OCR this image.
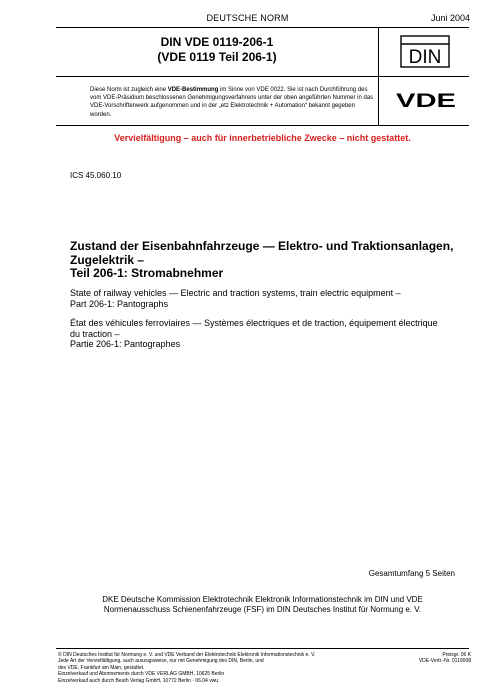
DEUTSCHE NORM	Juni 2004
DIN VDE 0119-206-1
(VDE 0119 Teil 206-1)	DIN
Diese Norm ist zugleich eine VDE-Bestimmung im Sinne von VDE 0022. Sie ist nach Durchführung des vom VDE-Präsidium beschlossenen Genehmigungsverfahrens unter der oben angeführten Nummer in das VDE-Vorschriftenwerk aufgenommen und in der „etz Elektrotechnik + Automation“ bekannt gegeben worden.
VDE
Vervielfältigung – auch für innerbetriebliche Zwecke – nicht gestattet.
ICS 45.060.10
Zustand der Eisenbahnfahrzeuge — Elektro- und Traktionsanlagen,
Zugelektrik –
Teil 206-1: Stromabnehmer
State of railway vehicles — Electric and traction systems, train electric equipment –
Part 206-1: Pantographs
État des véhicules ferroviaires — Systèmes électriques et de traction, équipement électrique
du traction –
Partie 206-1: Pantographes
Gesamtumfang 5 Seiten
DKE Deutsche Kommission Elektrotechnik Elektronik Informationstechnik im DIN und VDE
Normenausschuss Schienenfahrzeuge (FSF) im DIN Deutsches Institut für Normung e. V.
© DIN Deutsches Institut für Normung e. V. und VDE Verband der Elektrotechnik Elektronik Informationstechnik e. V.
Jede Art der Vervielfältigung, auch auszugsweise, nur mit Genehmigung des DIN, Berlin, und
des VDE, Frankfurt am Main, gestattet.
Einzelverkauf und Abonnements durch VDE VERLAG GMBH, 10625 Berlin
Einzelverkauf auch durch Beuth Verlag GmbH, 10772 Berlin · 06.04 vwu
Preisgr. 06 K
VDE-Vertr.-Nr. 0119008
